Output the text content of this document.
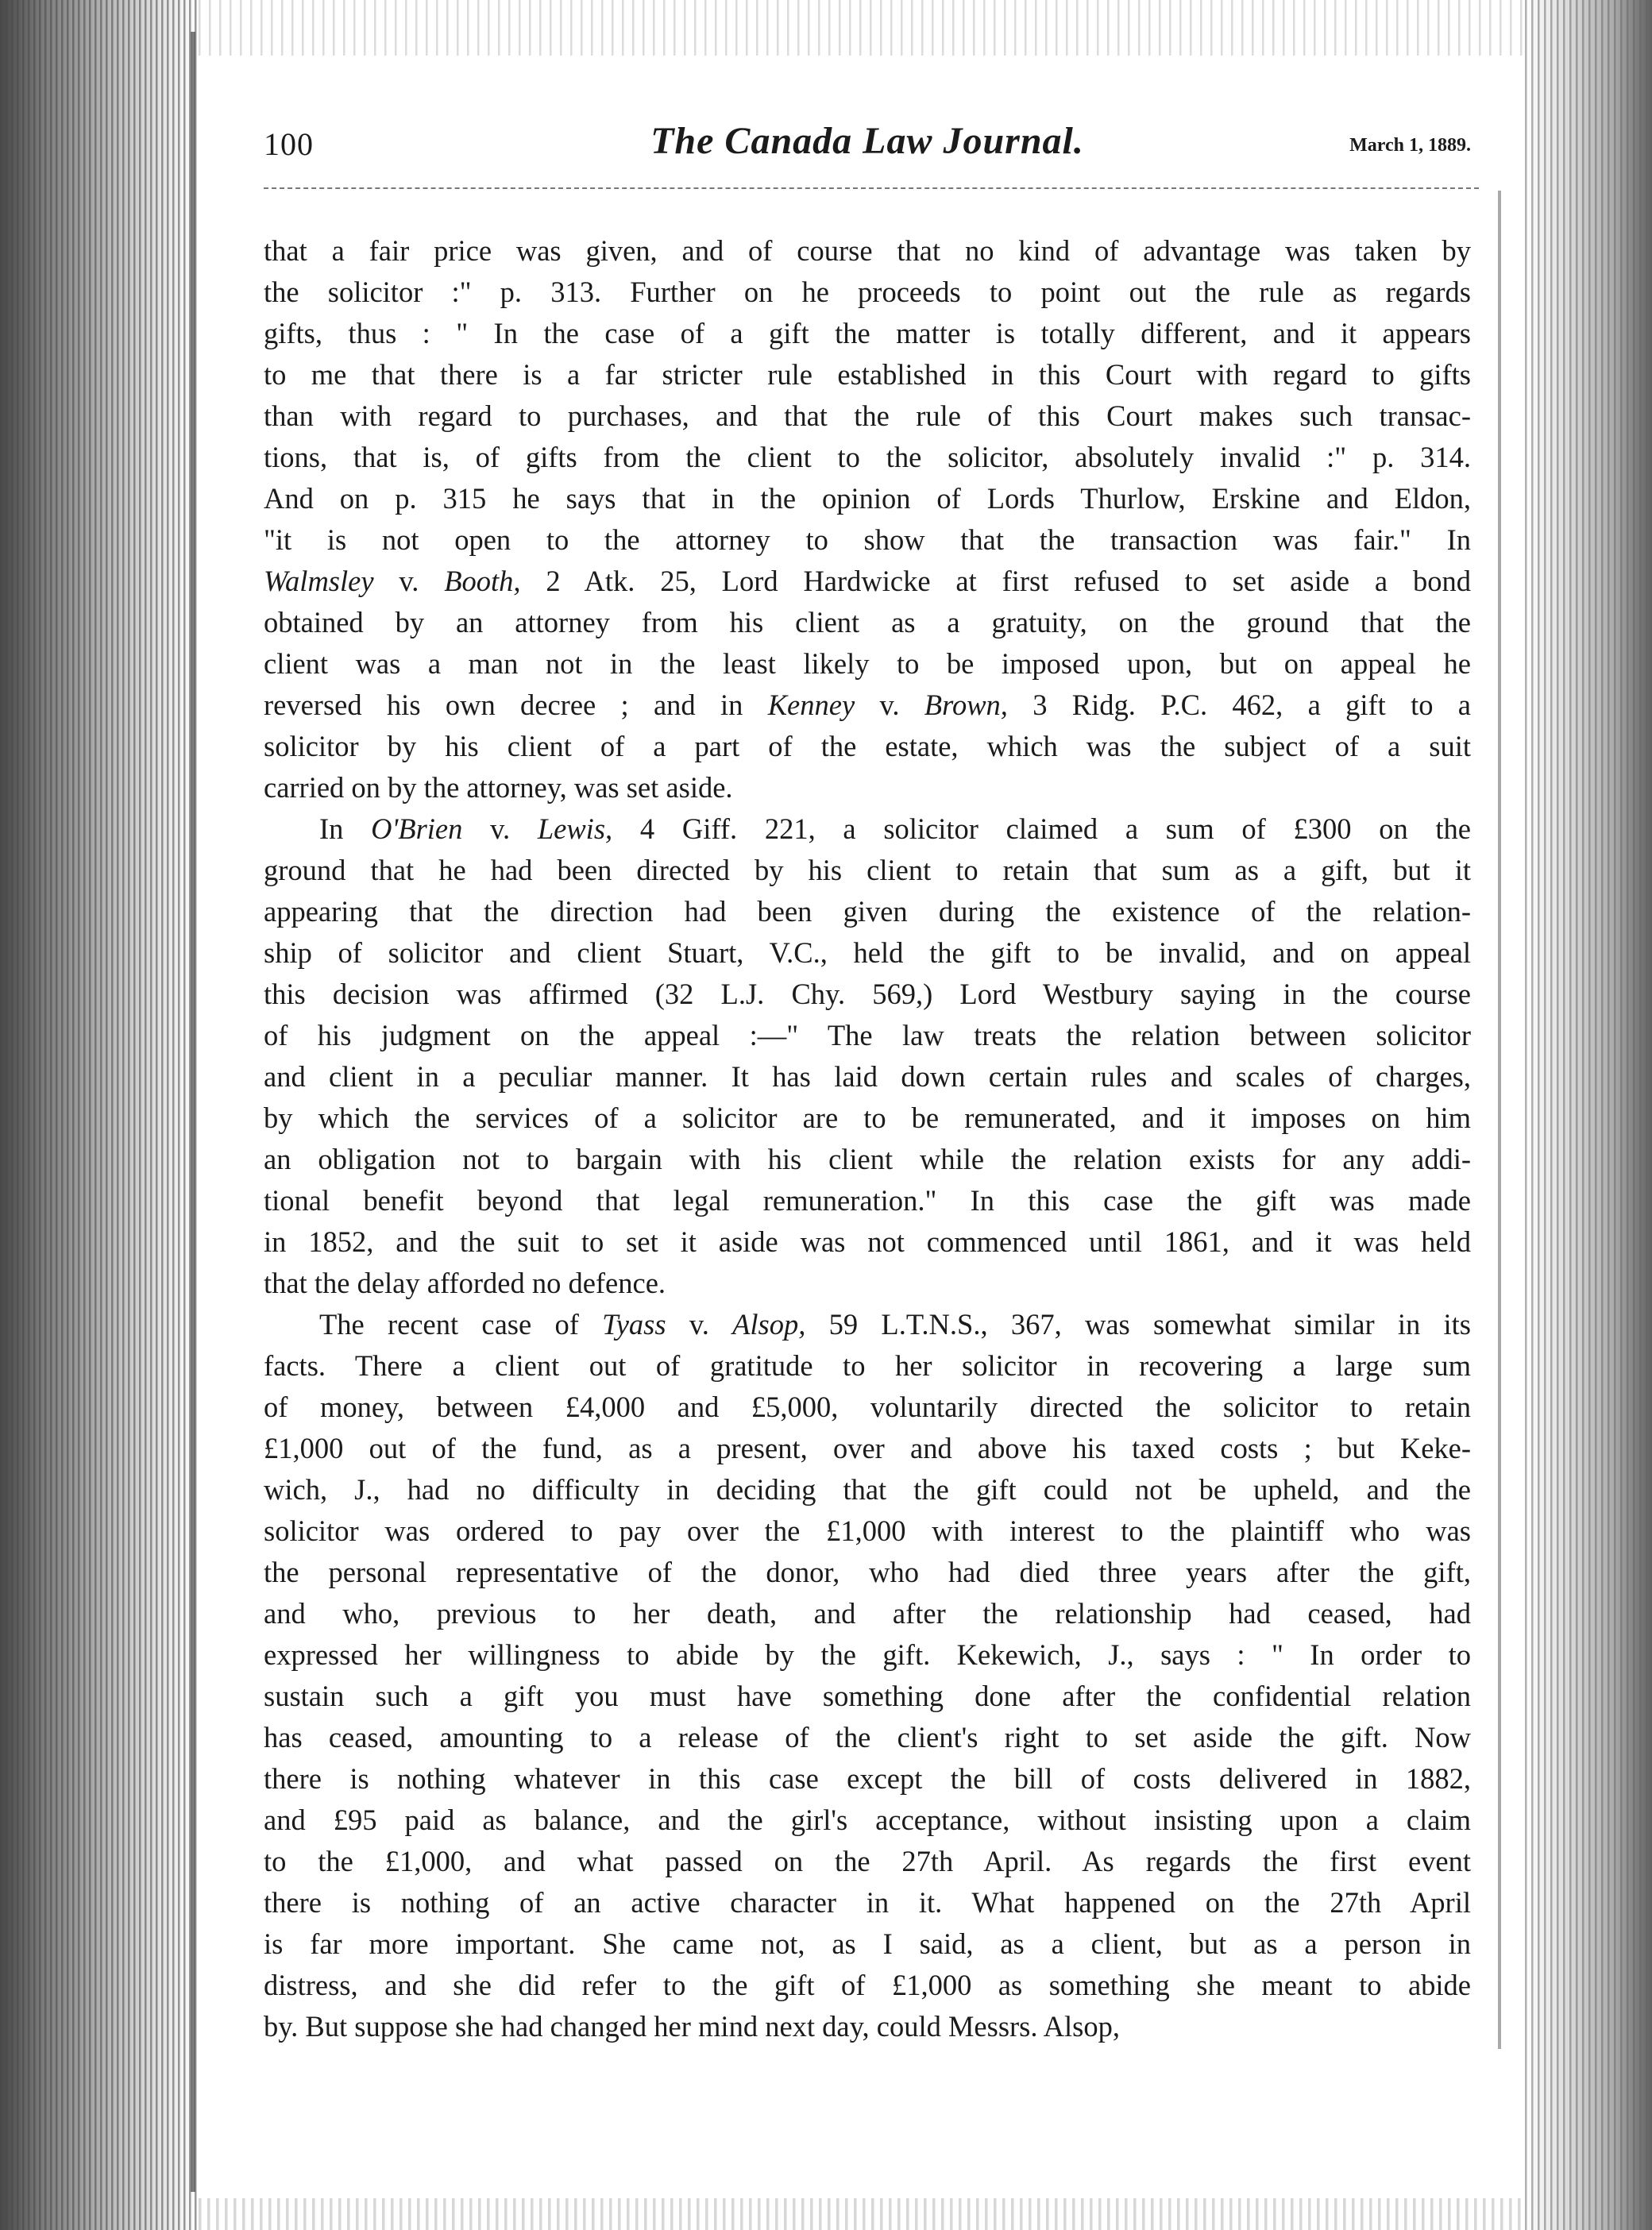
100	The Canada Law Journal.	March 1, 1889.

that a fair price was given, and of course that no kind of advantage was taken by
the solicitor :" p. 313. Further on he proceeds to point out the rule as regards
gifts, thus : " In the case of a gift the matter is totally different, and it appears
to me that there is a far stricter rule established in this Court with regard to gifts
than with regard to purchases, and that the rule of this Court makes such transac-
tions, that is, of gifts from the client to the solicitor, absolutely invalid :" p. 314.
And on p. 315 he says that in the opinion of Lords Thurlow, Erskine and Eldon,
"it is not open to the attorney to show that the transaction was fair." In
Walmsley v. Booth, 2 Atk. 25, Lord Hardwicke at first refused to set aside a bond
obtained by an attorney from his client as a gratuity, on the ground that the
client was a man not in the least likely to be imposed upon, but on appeal he
reversed his own decree ; and in Kenney v. Brown, 3 Ridg. P.C. 462, a gift to a
solicitor by his client of a part of the estate, which was the subject of a suit
carried on by the attorney, was set aside.

In O'Brien v. Lewis, 4 Giff. 221, a solicitor claimed a sum of £300 on the
ground that he had been directed by his client to retain that sum as a gift, but it
appearing that the direction had been given during the existence of the relation-
ship of solicitor and client Stuart, V.C., held the gift to be invalid, and on appeal
this decision was affirmed (32 L.J. Chy. 569,) Lord Westbury saying in the course
of his judgment on the appeal :—" The law treats the relation between solicitor
and client in a peculiar manner. It has laid down certain rules and scales of charges,
by which the services of a solicitor are to be remunerated, and it imposes on him
an obligation not to bargain with his client while the relation exists for any addi-
tional benefit beyond that legal remuneration." In this case the gift was made
in 1852, and the suit to set it aside was not commenced until 1861, and it was held
that the delay afforded no defence.

The recent case of Tyass v. Alsop, 59 L.T.N.S., 367, was somewhat similar in its
facts. There a client out of gratitude to her solicitor in recovering a large sum
of money, between £4,000 and £5,000, voluntarily directed the solicitor to retain
£1,000 out of the fund, as a present, over and above his taxed costs ; but Keke-
wich, J., had no difficulty in deciding that the gift could not be upheld, and the
solicitor was ordered to pay over the £1,000 with interest to the plaintiff who was
the personal representative of the donor, who had died three years after the gift,
and who, previous to her death, and after the relationship had ceased, had
expressed her willingness to abide by the gift. Kekewich, J., says : " In order to
sustain such a gift you must have something done after the confidential relation
has ceased, amounting to a release of the client's right to set aside the gift. Now
there is nothing whatever in this case except the bill of costs delivered in 1882,
and £95 paid as balance, and the girl's acceptance, without insisting upon a claim
to the £1,000, and what passed on the 27th April. As regards the first event
there is nothing of an active character in it. What happened on the 27th April
is far more important. She came not, as I said, as a client, but as a person in
distress, and she did refer to the gift of £1,000 as something she meant to abide
by. But suppose she had changed her mind next day, could Messrs. Alsop,
